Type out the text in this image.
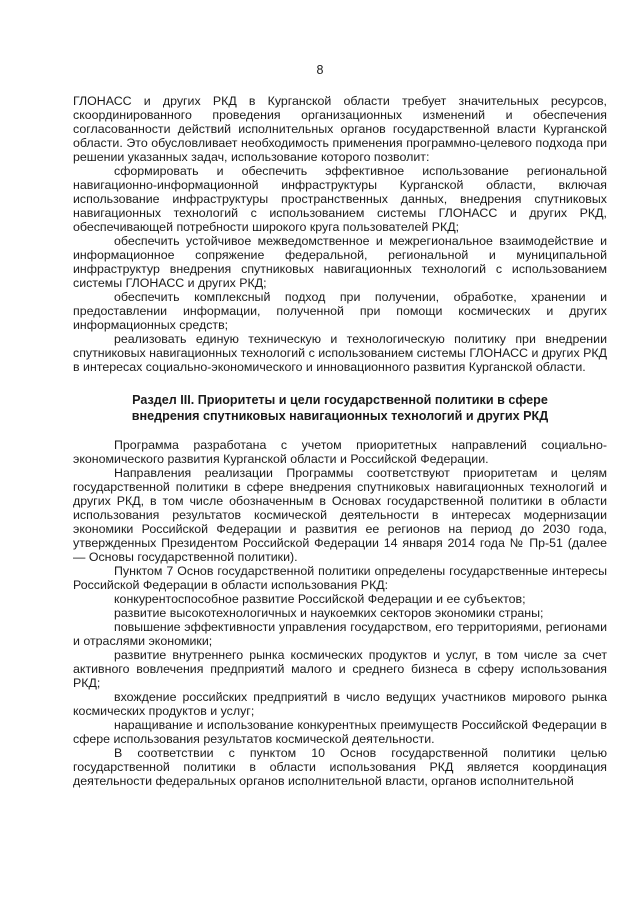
8

ГЛОНАСС и других РКД в Курганской области требует значительных ресурсов, скоординированного проведения организационных изменений и обеспечения согласованности действий исполнительных органов государственной власти Курганской области. Это обусловливает необходимость применения программно-целевого подхода при решении указанных задач, использование которого позволит:

сформировать и обеспечить эффективное использование региональной навигационно-информационной инфраструктуры Курганской области, включая использование инфраструктуры пространственных данных, внедрения спутниковых навигационных технологий с использованием системы ГЛОНАСС и других РКД, обеспечивающей потребности широкого круга пользователей РКД;

обеспечить устойчивое межведомственное и межрегиональное взаимодействие и информационное сопряжение федеральной, региональной и муниципальной инфраструктур внедрения спутниковых навигационных технологий с использованием системы ГЛОНАСС и других РКД;

обеспечить комплексный подход при получении, обработке, хранении и предоставлении информации, полученной при помощи космических и других информационных средств;

реализовать единую техническую и технологическую политику при внедрении спутниковых навигационных технологий с использованием системы ГЛОНАСС и других РКД в интересах социально-экономического и инновационного развития Курганской области.

Раздел III. Приоритеты и цели государственной политики в сфере
внедрения спутниковых навигационных технологий и других РКД

Программа разработана с учетом приоритетных направлений социально-экономического развития Курганской области и Российской Федерации.

Направления реализации Программы соответствуют приоритетам и целям государственной политики в сфере внедрения спутниковых навигационных технологий и других РКД, в том числе обозначенным в Основах государственной политики в области использования результатов космической деятельности в интересах модернизации экономики Российской Федерации и развития ее регионов на период до 2030 года, утвержденных Президентом Российской Федерации 14 января 2014 года № Пр-51 (далее — Основы государственной политики).

Пунктом 7 Основ государственной политики определены государственные интересы Российской Федерации в области использования РКД:

конкурентоспособное развитие Российской Федерации и ее субъектов;

развитие высокотехнологичных и наукоемких секторов экономики страны;

повышение эффективности управления государством, его территориями, регионами и отраслями экономики;

развитие внутреннего рынка космических продуктов и услуг, в том числе за счет активного вовлечения предприятий малого и среднего бизнеса в сферу использования РКД;

вхождение российских предприятий в число ведущих участников мирового рынка космических продуктов и услуг;

наращивание и использование конкурентных преимуществ Российской Федерации в сфере использования результатов космической деятельности.

В соответствии с пунктом 10 Основ государственной политики целью государственной политики в области использования РКД является координация деятельности федеральных органов исполнительной власти, органов исполнительной
